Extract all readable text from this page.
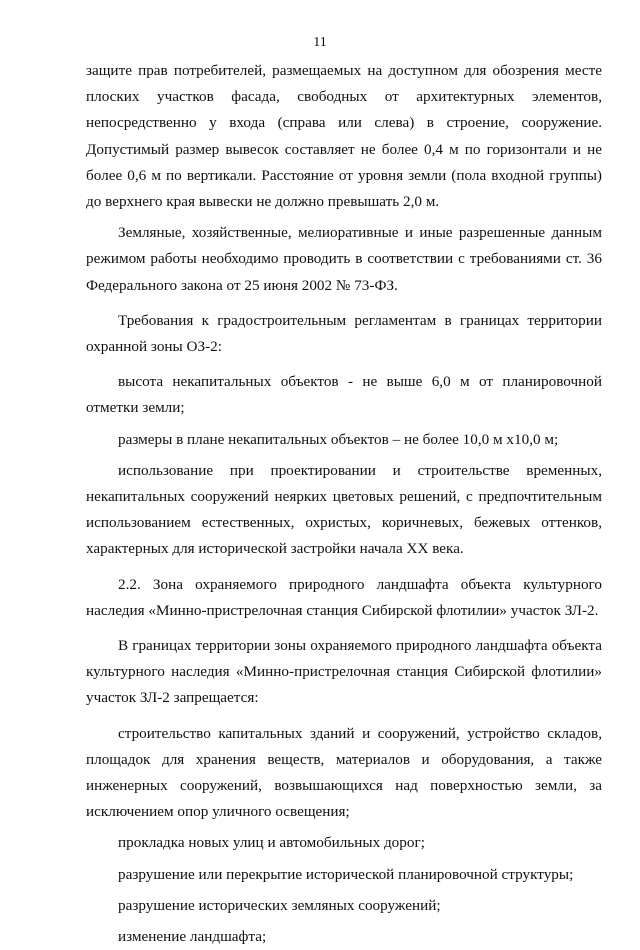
11

защите прав потребителей, размещаемых на доступном для обозрения месте плоских участков фасада, свободных от архитектурных элементов, непосредственно у входа (справа или слева) в строение, сооружение. Допустимый размер вывесок составляет не более 0,4 м по горизонтали и не более 0,6 м по вертикали. Расстояние от уровня земли (пола входной группы) до верхнего края вывески не должно превышать 2,0 м.

Земляные, хозяйственные, мелиоративные и иные разрешенные данным режимом работы необходимо проводить в соответствии с требованиями ст. 36 Федерального закона от 25 июня 2002 № 73-ФЗ.

Требования к градостроительным регламентам в границах территории охранной зоны ОЗ-2:

высота некапитальных объектов - не выше 6,0 м от планировочной отметки земли;

размеры в плане некапитальных объектов – не более 10,0 м х10,0 м;

использование при проектировании и строительстве временных, некапитальных сооружений неярких цветовых решений, с предпочтительным использованием естественных, охристых, коричневых, бежевых оттенков, характерных для исторической застройки начала XX века.

2.2. Зона охраняемого природного ландшафта объекта культурного наследия «Минно-пристрелочная станция Сибирской флотилии» участок ЗЛ-2.

В границах территории зоны охраняемого природного ландшафта объекта культурного наследия «Минно-пристрелочная станция Сибирской флотилии» участок ЗЛ-2 запрещается:

строительство капитальных зданий и сооружений, устройство складов, площадок для хранения веществ, материалов и оборудования, а также инженерных сооружений, возвышающихся над поверхностью земли, за исключением опор уличного освещения;

прокладка новых улиц и автомобильных дорог;

разрушение или перекрытие исторической планировочной структуры;

разрушение исторических земляных сооружений;

изменение ландшафта;
